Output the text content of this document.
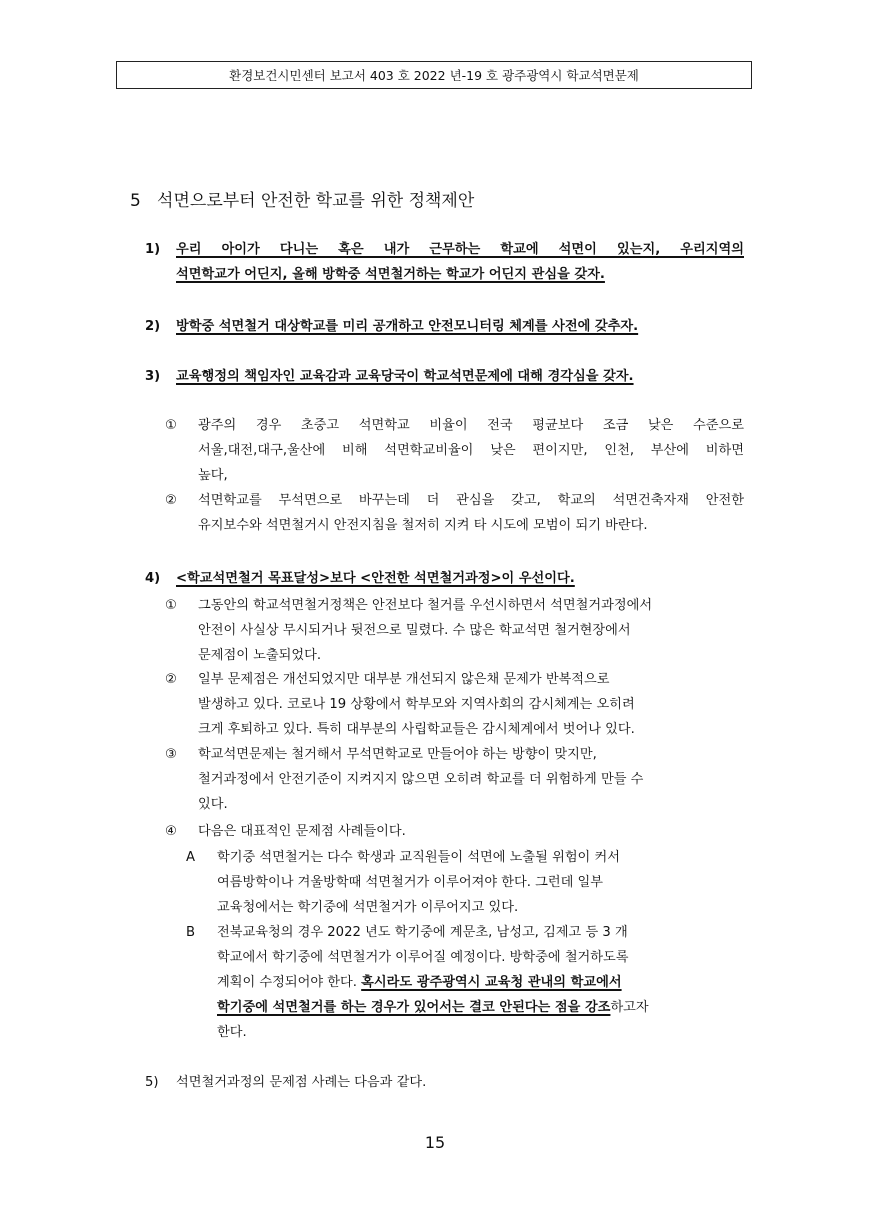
환경보건시민센터 보고서 403 호 2022 년-19 호 광주광역시 학교석면문제
5 석면으로부터 안전한 학교를 위한 정책제안
1) 우리 아이가 다니는 혹은 내가 근무하는 학교에 석면이 있는지, 우리지역의
석면학교가 어딘지, 올해 방학중 석면철거하는 학교가 어딘지 관심을 갖자.
2) 방학중 석면철거 대상학교를 미리 공개하고 안전모니터링 체계를 사전에 갖추자.
3) 교육행정의 책임자인 교육감과 교육당국이 학교석면문제에 대해 경각심을 갖자.
① 광주의 경우 초중고 석면학교 비율이 전국 평균보다 조금 낮은 수준으로
서울,대전,대구,울산에 비해 석면학교비율이 낮은 편이지만, 인천, 부산에 비하면
높다,
② 석면학교를 무석면으로 바꾸는데 더 관심을 갖고, 학교의 석면건축자재 안전한
유지보수와 석면철거시 안전지침을 철저히 지켜 타 시도에 모범이 되기 바란다.
4) <학교석면철거 목표달성>보다 <안전한 석면철거과정>이 우선이다.
① 그동안의 학교석면철거정책은 안전보다 철거를 우선시하면서 석면철거과정에서
안전이 사실상 무시되거나 뒷전으로 밀렸다. 수 많은 학교석면 철거현장에서
문제점이 노출되었다.
② 일부 문제점은 개선되었지만 대부분 개선되지 않은채 문제가 반복적으로
발생하고 있다. 코로나 19 상황에서 학부모와 지역사회의 감시체계는 오히려
크게 후퇴하고 있다. 특히 대부분의 사립학교들은 감시체계에서 벗어나 있다.
③ 학교석면문제는 철거해서 무석면학교로 만들어야 하는 방향이 맞지만,
철거과정에서 안전기준이 지켜지지 않으면 오히려 학교를 더 위험하게 만들 수
있다.
④ 다음은 대표적인 문제점 사례들이다.
A 학기중 석면철거는 다수 학생과 교직원들이 석면에 노출될 위험이 커서
여름방학이나 겨울방학때 석면철거가 이루어져야 한다. 그런데 일부
교육청에서는 학기중에 석면철거가 이루어지고 있다.
B 전북교육청의 경우 2022 년도 학기중에 계문초, 남성고, 김제고 등 3 개
학교에서 학기중에 석면철거가 이루어질 예정이다. 방학중에 철거하도록
계획이 수정되어야 한다. 혹시라도 광주광역시 교육청 관내의 학교에서
학기중에 석면철거를 하는 경우가 있어서는 결코 안된다는 점을 강조하고자
한다.
5) 석면철거과정의 문제점 사례는 다음과 같다.
15
